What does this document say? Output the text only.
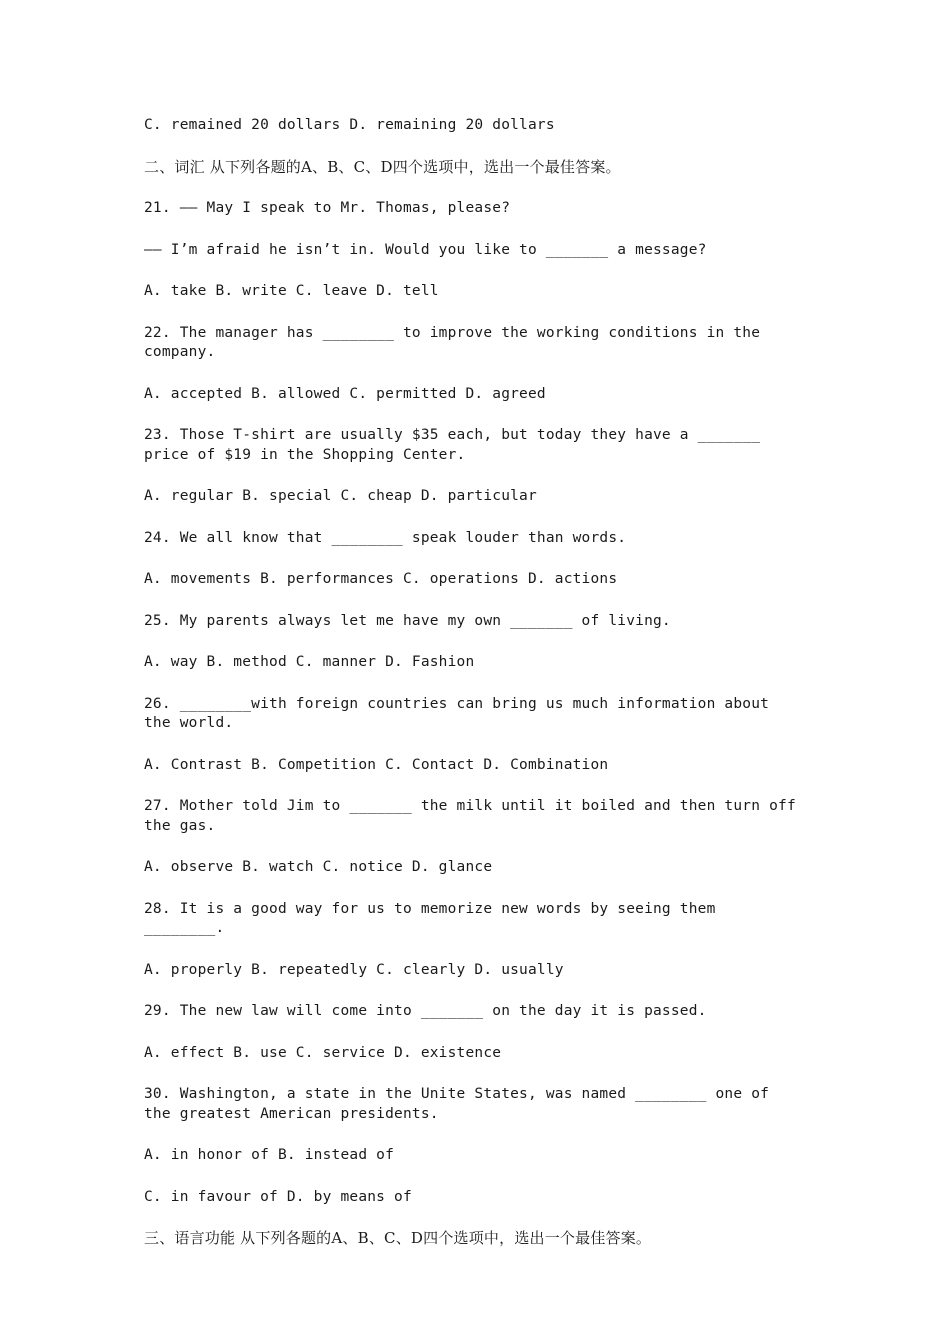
C. remained 20 dollars D. remaining 20 dollars

二、词汇 从下列各题的A、B、C、D四个选项中，选出一个最佳答案。

21. —— May I speak to Mr. Thomas, please?

—— I’m afraid he isn’t in. Would you like to _______ a message?

A. take B. write C. leave D. tell

22. The manager has ________ to improve the working conditions in the company.

A. accepted B. allowed C. permitted D. agreed

23. Those T-shirt are usually $35 each, but today they have a _______ price of $19 in the Shopping Center.

A. regular B. special C. cheap D. particular

24. We all know that ________ speak louder than words.

A. movements B. performances C. operations D. actions

25. My parents always let me have my own _______ of living.

A. way B. method C. manner D. Fashion

26. ________with foreign countries can bring us much information about the world.

A. Contrast B. Competition C. Contact D. Combination

27. Mother told Jim to _______ the milk until it boiled and then turn off the gas.

A. observe B. watch C. notice D. glance

28. It is a good way for us to memorize new words by seeing them ________.

A. properly B. repeatedly C. clearly D. usually

29. The new law will come into _______ on the day it is passed.

A. effect B. use C. service D. existence

30. Washington, a state in the Unite States, was named ________ one of the greatest American presidents.

A. in honor of B. instead of

C. in favour of D. by means of

三、语言功能 从下列各题的A、B、C、D四个选项中，选出一个最佳答案。
